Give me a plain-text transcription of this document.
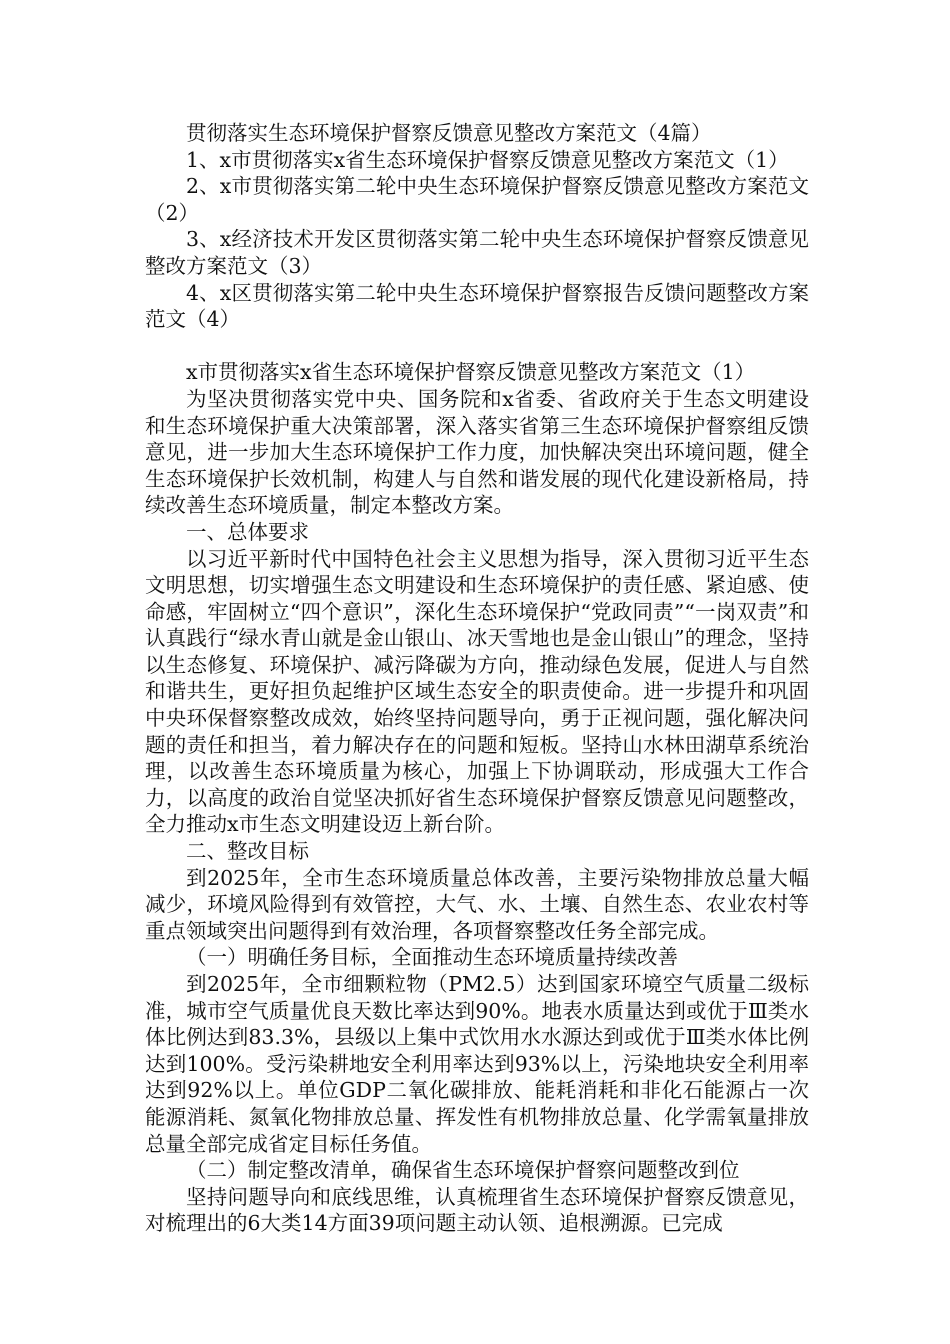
贯彻落实生态环境保护督察反馈意见整改方案范文（4篇）

1、x市贯彻落实x省生态环境保护督察反馈意见整改方案范文（1）

2、x市贯彻落实第二轮中央生态环境保护督察反馈意见整改方案范文（2）

3、x经济技术开发区贯彻落实第二轮中央生态环境保护督察反馈意见整改方案范文（3）

4、x区贯彻落实第二轮中央生态环境保护督察报告反馈问题整改方案范文（4）

x市贯彻落实x省生态环境保护督察反馈意见整改方案范文（1）

为坚决贯彻落实党中央、国务院和x省委、省政府关于生态文明建设和生态环境保护重大决策部署，深入落实省第三生态环境保护督察组反馈意见，进一步加大生态环境保护工作力度，加快解决突出环境问题，健全生态环境保护长效机制，构建人与自然和谐发展的现代化建设新格局，持续改善生态环境质量，制定本整改方案。

一、总体要求

以习近平新时代中国特色社会主义思想为指导，深入贯彻习近平生态文明思想，切实增强生态文明建设和生态环境保护的责任感、紧迫感、使命感，牢固树立“四个意识”，深化生态环境保护“党政同责”“一岗双责”和认真践行“绿水青山就是金山银山、冰天雪地也是金山银山”的理念，坚持以生态修复、环境保护、减污降碳为方向，推动绿色发展，促进人与自然和谐共生，更好担负起维护区域生态安全的职责使命。进一步提升和巩固中央环保督察整改成效，始终坚持问题导向，勇于正视问题，强化解决问题的责任和担当，着力解决存在的问题和短板。坚持山水林田湖草系统治理，以改善生态环境质量为核心，加强上下协调联动，形成强大工作合力，以高度的政治自觉坚决抓好省生态环境保护督察反馈意见问题整改，全力推动x市生态文明建设迈上新台阶。

二、整改目标

到2025年，全市生态环境质量总体改善，主要污染物排放总量大幅减少，环境风险得到有效管控，大气、水、土壤、自然生态、农业农村等重点领域突出问题得到有效治理，各项督察整改任务全部完成。

（一）明确任务目标，全面推动生态环境质量持续改善

到2025年，全市细颗粒物（PM2.5）达到国家环境空气质量二级标准，城市空气质量优良天数比率达到90%。地表水质量达到或优于Ⅲ类水体比例达到83.3%，县级以上集中式饮用水水源达到或优于Ⅲ类水体比例达到100%。受污染耕地安全利用率达到93%以上，污染地块安全利用率达到92%以上。单位GDP二氧化碳排放、能耗消耗和非化石能源占一次能源消耗、氮氧化物排放总量、挥发性有机物排放总量、化学需氧量排放总量全部完成省定目标任务值。

（二）制定整改清单，确保省生态环境保护督察问题整改到位

坚持问题导向和底线思维，认真梳理省生态环境保护督察反馈意见，对梳理出的6大类14方面39项问题主动认领、追根溯源。已完成
